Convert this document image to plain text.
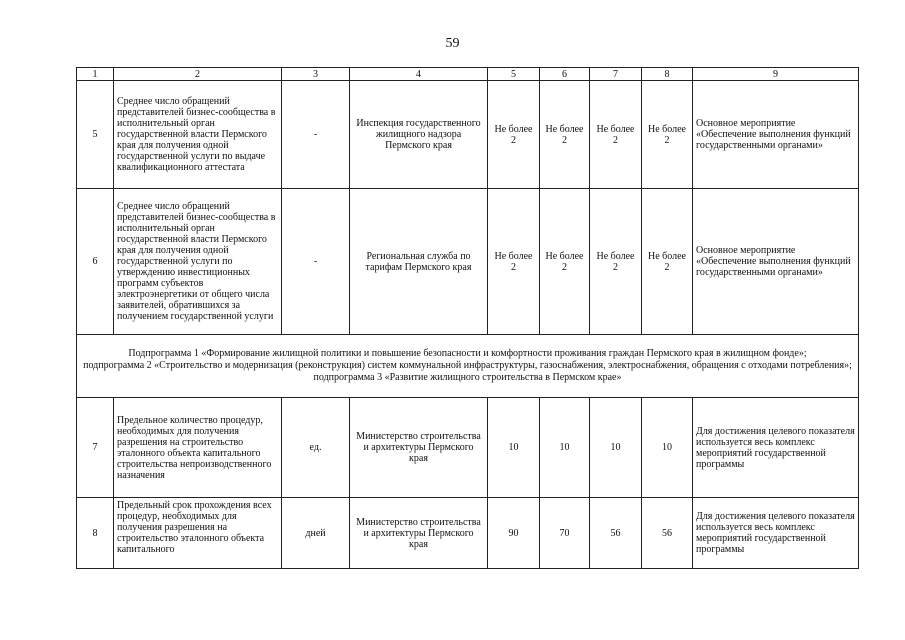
59
1	2	3	4	5	6	7	8	9
5	Среднее число обращений представителей бизнес-сообщества в исполнительный орган государственной власти Пермского края для получения одной государственной услуги по выдаче квалификационного аттестата	-	Инспекция государственного жилищного надзора Пермского края	Не более 2	Не более 2	Не более 2	Не более 2	Основное мероприятие «Обеспечение выполнения функций государственными органами»
6	Среднее число обращений представителей бизнес-сообщества в исполнительный орган государственной власти Пермского края для получения одной государственной услуги по утверждению инвестиционных программ субъектов электроэнергетики от общего числа заявителей, обратившихся за получением государственной услуги	-	Региональная служба по тарифам Пермского края	Не более 2	Не более 2	Не более 2	Не более 2	Основное мероприятие «Обеспечение выполнения функций государственными органами»

Подпрограмма 1 «Формирование жилищной политики и повышение безопасности и комфортности проживания граждан Пермского края в жилищном фонде»;
подпрограмма 2 «Строительство и модернизация (реконструкция) систем коммунальной инфраструктуры, газоснабжения, электроснабжения, обращения с отходами потребления»;
подпрограмма 3 «Развитие жилищного строительства в Пермском крае»								

7	Предельное количество процедур, необходимых для получения разрешения на строительство эталонного объекта капитального строительства непроизводственного назначения	ед.	Министерство строительства и архитектуры Пермского края	10	10	10	10	Для достижения целевого показателя используется весь комплекс мероприятий государственной программы
8	Предельный срок прохождения всех процедур, необходимых для получения разрешения на строительство эталонного объекта капитального	дней	Министерство строительства и архитектуры Пермского края	90	70	56	56	Для достижения целевого показателя используется весь комплекс мероприятий государственной программы
